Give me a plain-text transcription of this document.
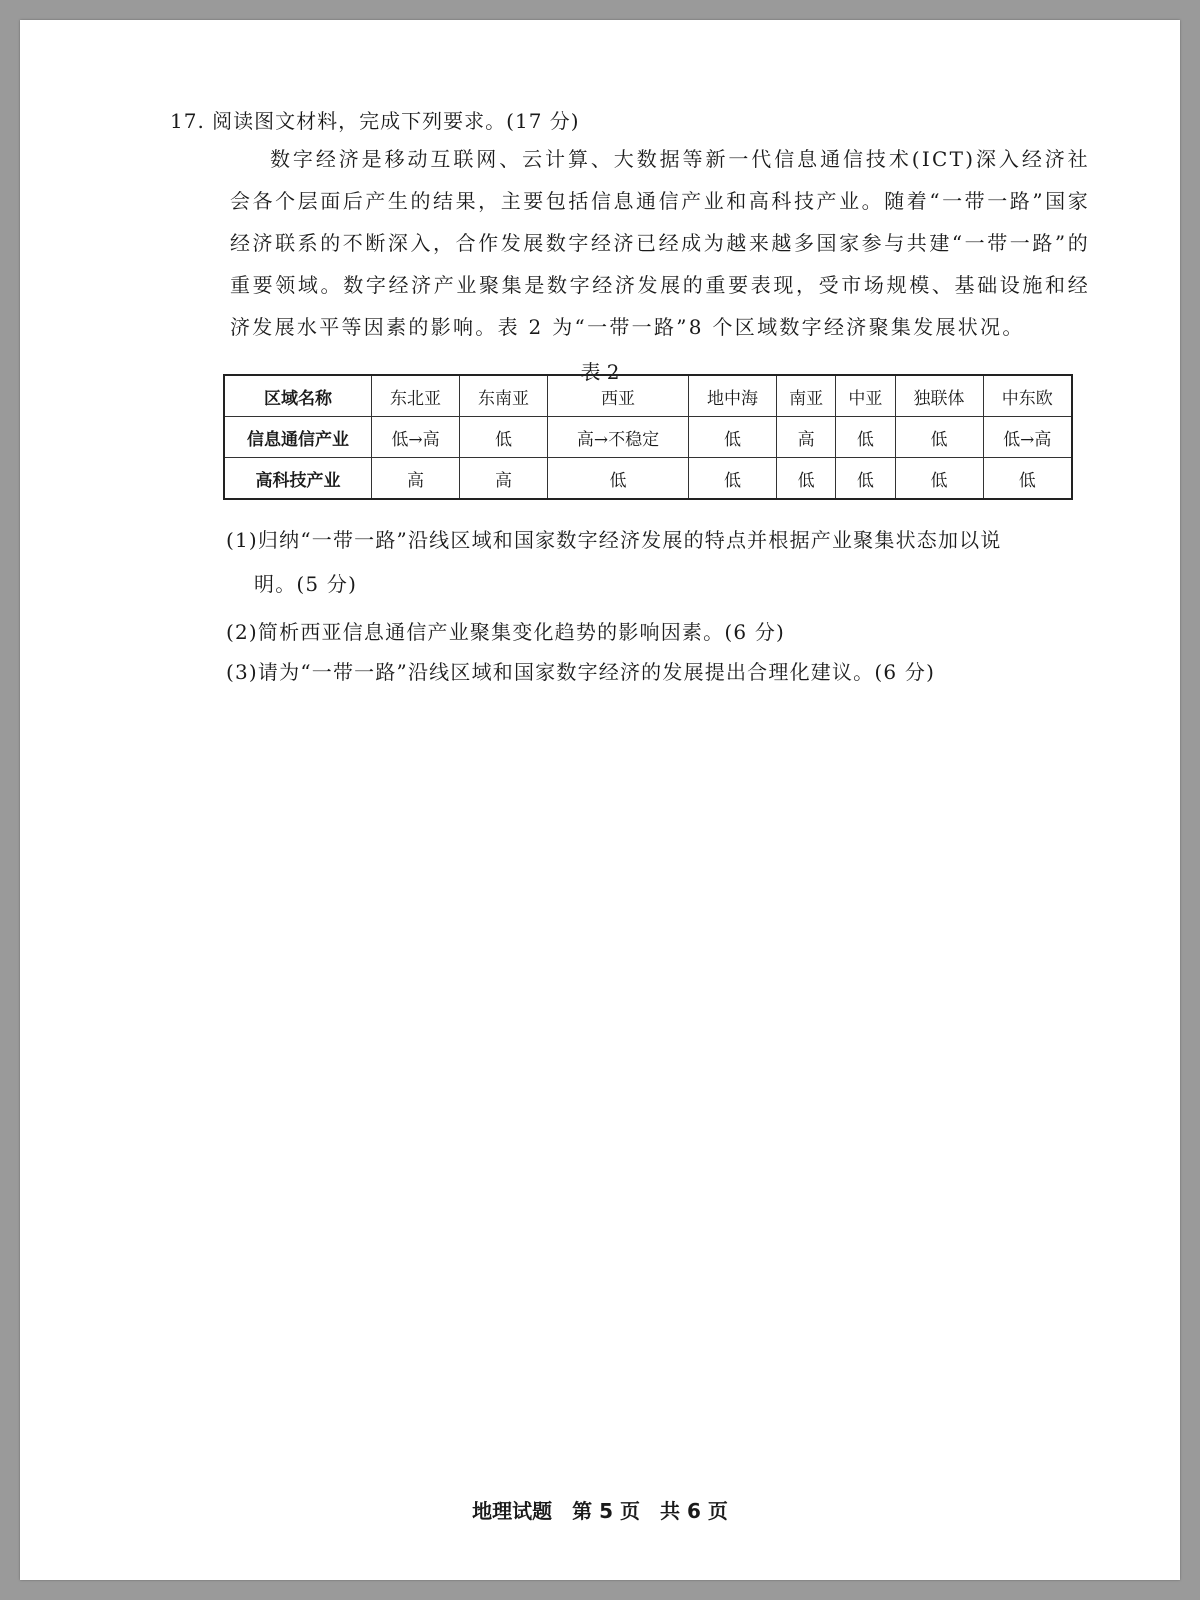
17. 阅读图文材料，完成下列要求。(17 分)

数字经济是移动互联网、云计算、大数据等新一代信息通信技术(ICT)深入经济社会各个层面后产生的结果，主要包括信息通信产业和高科技产业。随着“一带一路”国家经济联系的不断深入，合作发展数字经济已经成为越来越多国家参与共建“一带一路”的重要领域。数字经济产业聚集是数字经济发展的重要表现，受市场规模、基础设施和经济发展水平等因素的影响。表 2 为“一带一路”8 个区域数字经济聚集发展状况。

表 2
区域名称	东北亚	东南亚	西亚	地中海	南亚	中亚	独联体	中东欧
信息通信产业	低→高	低	高→不稳定	低	高	低	低	低→高
高科技产业	高	高	低	低	低	低	低	低
(1)归纳“一带一路”沿线区域和国家数字经济发展的特点并根据产业聚集状态加以说
明。(5 分)
(2)简析西亚信息通信产业聚集变化趋势的影响因素。(6 分)
(3)请为“一带一路”沿线区域和国家数字经济的发展提出合理化建议。(6 分)
地理试题　第 5 页　共 6 页
